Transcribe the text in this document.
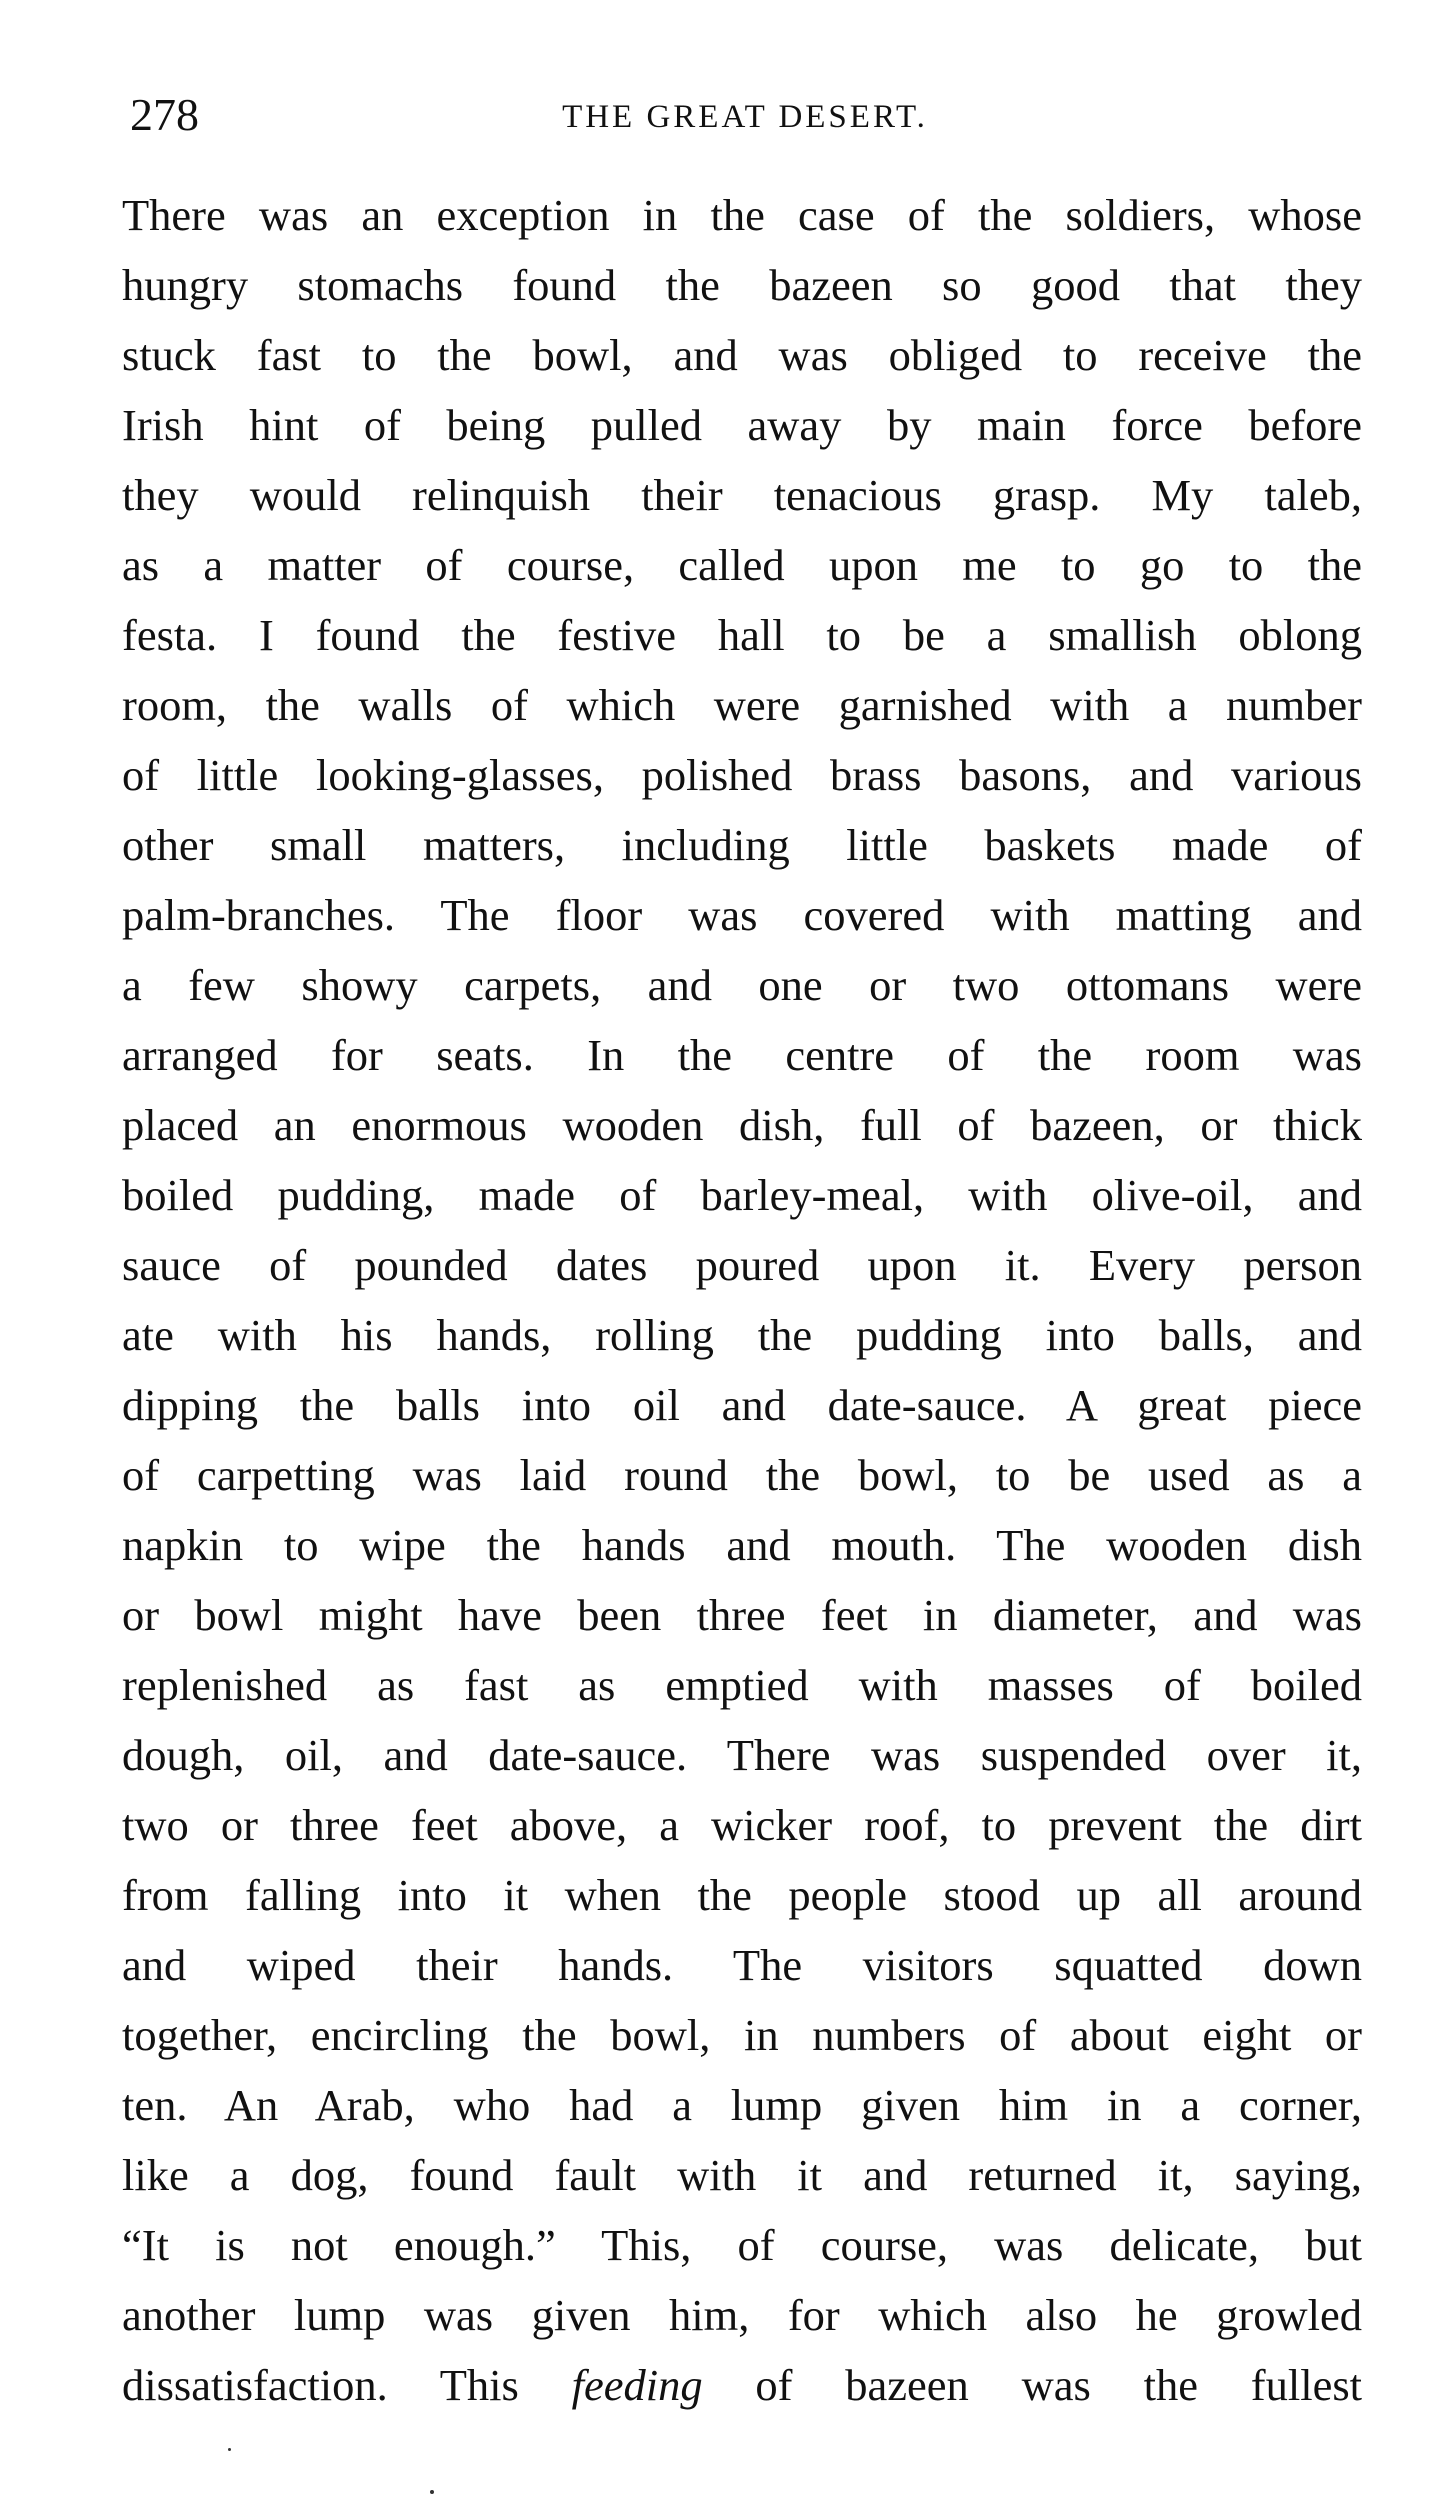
278	THE GREAT DESERT.
There was an exception in the case of the soldiers, whose
hungry stomachs found the bazeen so good that they
stuck fast to the bowl, and was obliged to receive the
Irish hint of being pulled away by main force before
they would relinquish their tenacious grasp. My taleb,
as a matter of course, called upon me to go to the
festa. I found the festive hall to be a smallish oblong
room, the walls of which were garnished with a number
of little looking-glasses, polished brass basons, and various
other small matters, including little baskets made of
palm-branches. The floor was covered with matting and
a few showy carpets, and one or two ottomans were
arranged for seats. In the centre of the room was
placed an enormous wooden dish, full of bazeen, or thick
boiled pudding, made of barley-meal, with olive-oil, and
sauce of pounded dates poured upon it. Every person
ate with his hands, rolling the pudding into balls, and
dipping the balls into oil and date-sauce. A great piece
of carpetting was laid round the bowl, to be used as a
napkin to wipe the hands and mouth. The wooden dish
or bowl might have been three feet in diameter, and was
replenished as fast as emptied with masses of boiled
dough, oil, and date-sauce. There was suspended over it,
two or three feet above, a wicker roof, to prevent the dirt
from falling into it when the people stood up all around
and wiped their hands. The visitors squatted down
together, encircling the bowl, in numbers of about eight or
ten. An Arab, who had a lump given him in a corner,
like a dog, found fault with it and returned it, saying,
“It is not enough.” This, of course, was delicate, but
another lump was given him, for which also he growled
dissatisfaction. This feeding of bazeen was the fullest
